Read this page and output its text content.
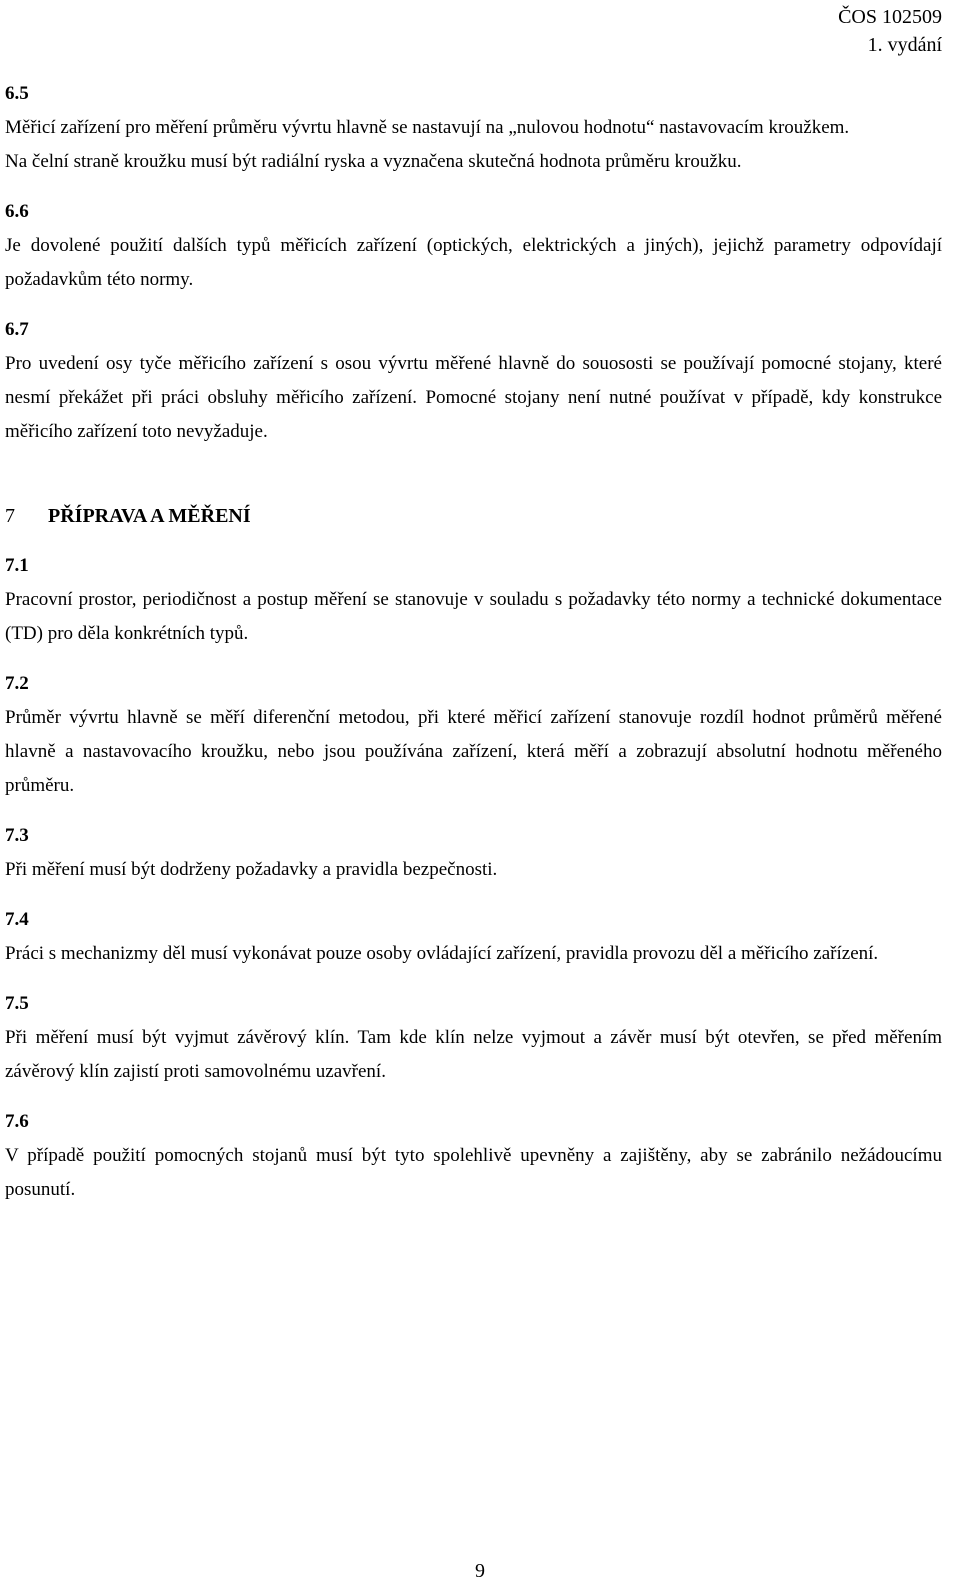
ČOS 102509
1. vydání

6.5

Měřicí zařízení pro měření průměru vývrtu hlavně se nastavují na „nulovou hodnotu“ nastavovacím kroužkem.

Na čelní straně kroužku musí být radiální ryska a vyznačena skutečná hodnota průměru kroužku.

6.6

Je dovolené použití dalších typů měřicích zařízení (optických, elektrických a jiných), jejichž parametry odpovídají požadavkům této normy.

6.7

Pro uvedení osy tyče měřicího zařízení s osou vývrtu měřené hlavně do souososti se používají pomocné stojany, které nesmí překážet při práci obsluhy měřicího zařízení. Pomocné stojany není nutné používat v případě, kdy konstrukce měřicího zařízení toto nevyžaduje.

7	PŘÍPRAVA A MĚŘENÍ

7.1

Pracovní prostor, periodičnost a postup měření se stanovuje v souladu s požadavky této normy a technické dokumentace (TD) pro děla konkrétních typů.

7.2

Průměr vývrtu hlavně se měří diferenční metodou, při které měřicí zařízení stanovuje rozdíl hodnot průměrů měřené hlavně a nastavovacího kroužku, nebo jsou používána zařízení, která měří a zobrazují absolutní hodnotu měřeného průměru.

7.3

Při měření musí být dodrženy požadavky a pravidla bezpečnosti.

7.4

Práci s mechanizmy děl musí vykonávat pouze osoby ovládající zařízení, pravidla provozu děl a měřicího zařízení.

7.5

Při měření musí být vyjmut závěrový klín. Tam kde klín nelze vyjmout a závěr musí být otevřen, se před měřením závěrový klín zajistí proti samovolnému uzavření.

7.6

V případě použití pomocných stojanů musí být tyto spolehlivě upevněny a zajištěny, aby se zabránilo nežádoucímu posunutí.

9
